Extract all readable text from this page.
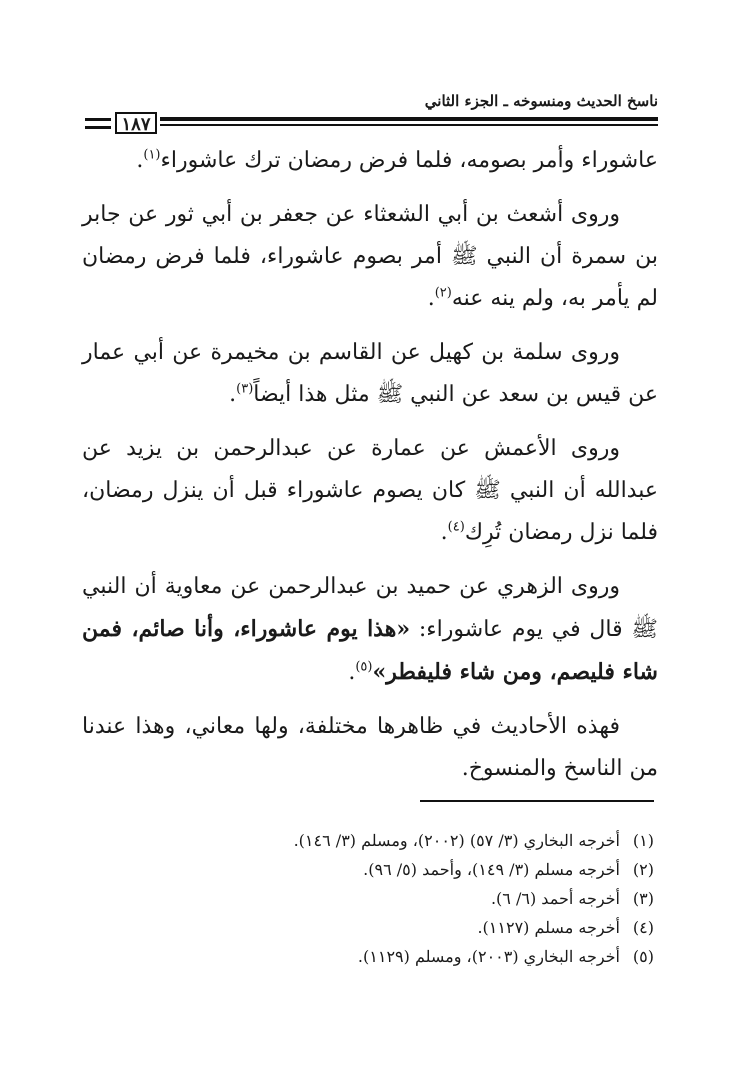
ناسخ الحديث ومنسوخه ـ الجزء الثاني
١٨٧

عاشوراء وأمر بصومه، فلما فرض رمضان ترك عاشوراء$^{(١)}$.

وروى أشعث بن أبي الشعثاء عن جعفر بن أبي ثور عن جابر بن سمرة أن النبي ﷺ أمر بصوم عاشوراء، فلما فرض رمضان لم يأمر به، ولم ينه عنه$^{(٢)}$.

وروى سلمة بن كهيل عن القاسم بن مخيمرة عن أبي عمار عن قيس بن سعد عن النبي ﷺ مثل هذا أيضاً$^{(٣)}$.

وروى الأعمش عن عمارة عن عبدالرحمن بن يزيد عن عبدالله أن النبي ﷺ كان يصوم عاشوراء قبل أن ينزل رمضان، فلما نزل رمضان تُرِك$^{(٤)}$.

وروى الزهري عن حميد بن عبدالرحمن عن معاوية أن النبي ﷺ قال في يوم عاشوراء: «هذا يوم عاشوراء، وأنا صائم، فمن شاء فليصم، ومن شاء فليفطر»$^{(٥)}$.

فهذه الأحاديث في ظاهرها مختلفة، ولها معاني، وهذا عندنا من الناسخ والمنسوخ.

(١)أخرجه البخاري (٣/ ٥٧) (٢٠٠٢)، ومسلم (٣/ ١٤٦).
(٢)أخرجه مسلم (٣/ ١٤٩)، وأحمد (٥/ ٩٦).
(٣)أخرجه أحمد (٦/ ٦).
(٤)أخرجه مسلم (١١٢٧).
(٥)أخرجه البخاري (٢٠٠٣)، ومسلم (١١٢٩).
